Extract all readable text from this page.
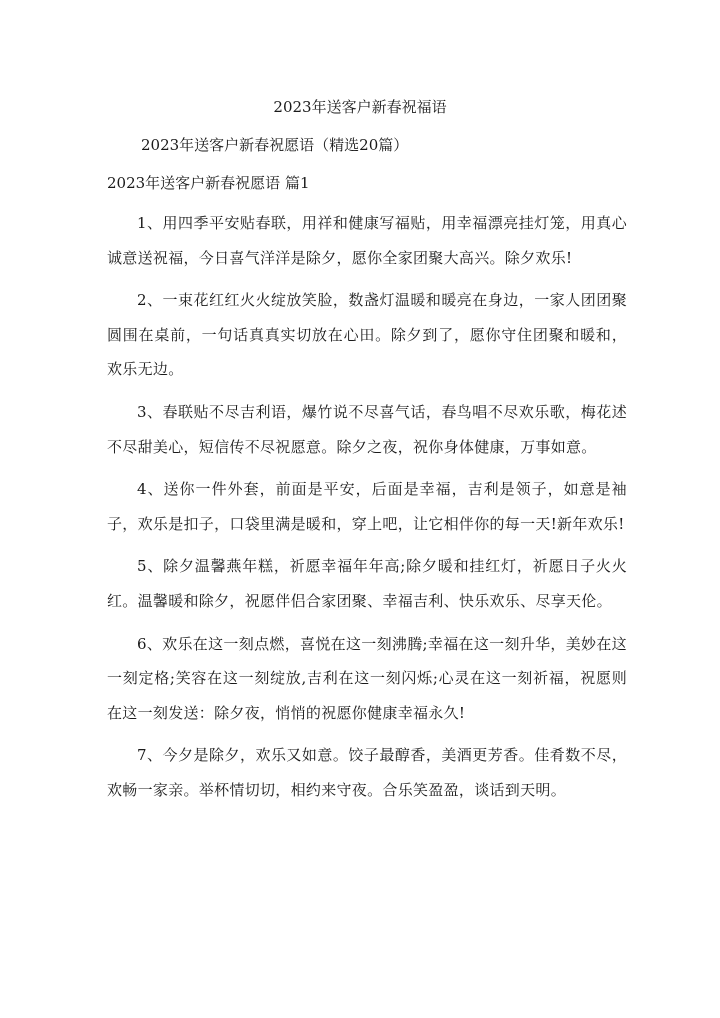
2023年送客户新春祝福语

2023年送客户新春祝愿语（精选20篇）

2023年送客户新春祝愿语 篇1

1、用四季平安贴春联，用祥和健康写福贴，用幸福漂亮挂灯笼，用真心诚意送祝福，今日喜气洋洋是除夕，愿你全家团聚大高兴。除夕欢乐!

2、一束花红红火火绽放笑脸，数盏灯温暖和暖亮在身边，一家人团团聚圆围在桌前，一句话真真实切放在心田。除夕到了，愿你守住团聚和暖和，欢乐无边。

3、春联贴不尽吉利语，爆竹说不尽喜气话，春鸟唱不尽欢乐歌，梅花述不尽甜美心，短信传不尽祝愿意。除夕之夜，祝你身体健康，万事如意。

4、送你一件外套，前面是平安，后面是幸福，吉利是领子，如意是袖子，欢乐是扣子，口袋里满是暖和，穿上吧，让它相伴你的每一天!新年欢乐!

5、除夕温馨燕年糕，祈愿幸福年年高;除夕暖和挂红灯，祈愿日子火火红。温馨暖和除夕，祝愿伴侣合家团聚、幸福吉利、快乐欢乐、尽享天伦。

6、欢乐在这一刻点燃，喜悦在这一刻沸腾;幸福在这一刻升华，美妙在这一刻定格;笑容在这一刻绽放,吉利在这一刻闪烁;心灵在这一刻祈福，祝愿则在这一刻发送：除夕夜，悄悄的祝愿你健康幸福永久!

7、今夕是除夕，欢乐又如意。饺子最醇香，美酒更芳香。佳肴数不尽，欢畅一家亲。举杯情切切，相约来守夜。合乐笑盈盈，谈话到天明。
